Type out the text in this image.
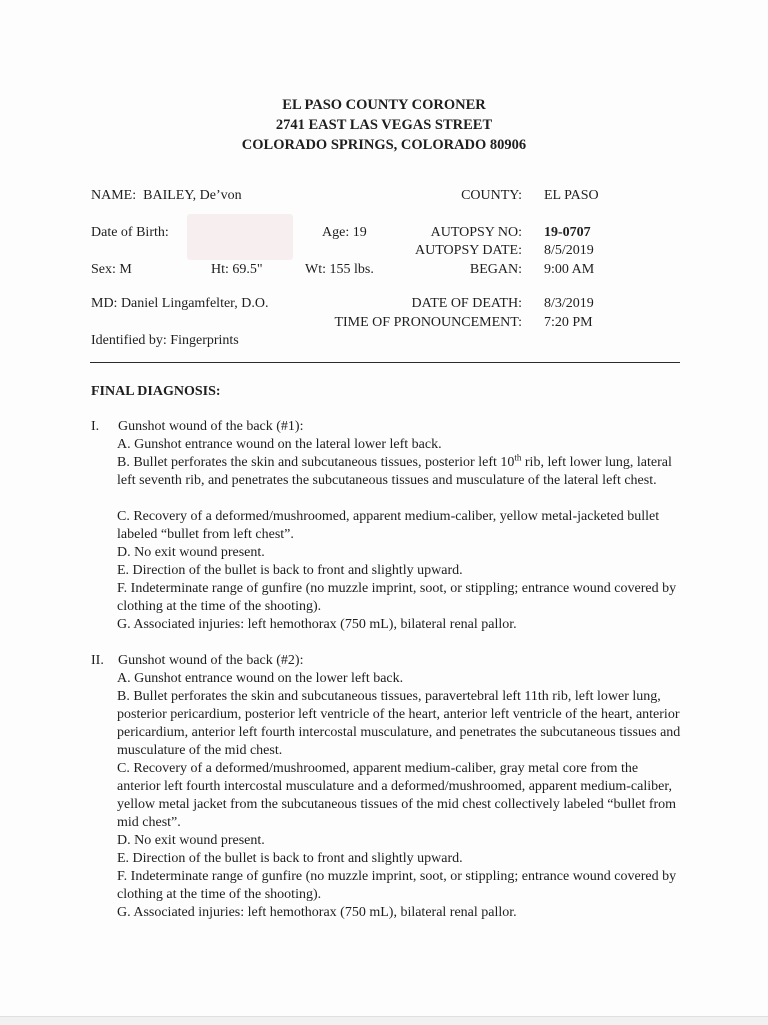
EL PASO COUNTY CORONER
2741 EAST LAS VEGAS STREET
COLORADO SPRINGS, COLORADO 80906
NAME: BAILEY, De’von	COUNTY: EL PASO
Date of Birth:	Age: 19	AUTOPSY NO: 19-0707
AUTOPSY DATE: 8/5/2019
Sex: M	Ht: 69.5"	Wt: 155 lbs.	BEGAN: 9:00 AM
MD: Daniel Lingamfelter, D.O.	DATE OF DEATH: 8/3/2019
TIME OF PRONOUNCEMENT: 7:20 PM
Identified by: Fingerprints
FINAL DIAGNOSIS:
I. Gunshot wound of the back (#1):
A. Gunshot entrance wound on the lateral lower left back.
B. Bullet perforates the skin and subcutaneous tissues, posterior left 10th rib, left lower lung, lateral left seventh rib, and penetrates the subcutaneous tissues and musculature of the lateral left chest.
C. Recovery of a deformed/mushroomed, apparent medium-caliber, yellow metal-jacketed bullet labeled “bullet from left chest”.
D. No exit wound present.
E. Direction of the bullet is back to front and slightly upward.
F. Indeterminate range of gunfire (no muzzle imprint, soot, or stippling; entrance wound covered by clothing at the time of the shooting).
G. Associated injuries: left hemothorax (750 mL), bilateral renal pallor.
II. Gunshot wound of the back (#2):
A. Gunshot entrance wound on the lower left back.
B. Bullet perforates the skin and subcutaneous tissues, paravertebral left 11th rib, left lower lung, posterior pericardium, posterior left ventricle of the heart, anterior left ventricle of the heart, anterior pericardium, anterior left fourth intercostal musculature, and penetrates the subcutaneous tissues and musculature of the mid chest.
C. Recovery of a deformed/mushroomed, apparent medium-caliber, gray metal core from the anterior left fourth intercostal musculature and a deformed/mushroomed, apparent medium-caliber, yellow metal jacket from the subcutaneous tissues of the mid chest collectively labeled “bullet from mid chest”.
D. No exit wound present.
E. Direction of the bullet is back to front and slightly upward.
F. Indeterminate range of gunfire (no muzzle imprint, soot, or stippling; entrance wound covered by clothing at the time of the shooting).
G. Associated injuries: left hemothorax (750 mL), bilateral renal pallor.
